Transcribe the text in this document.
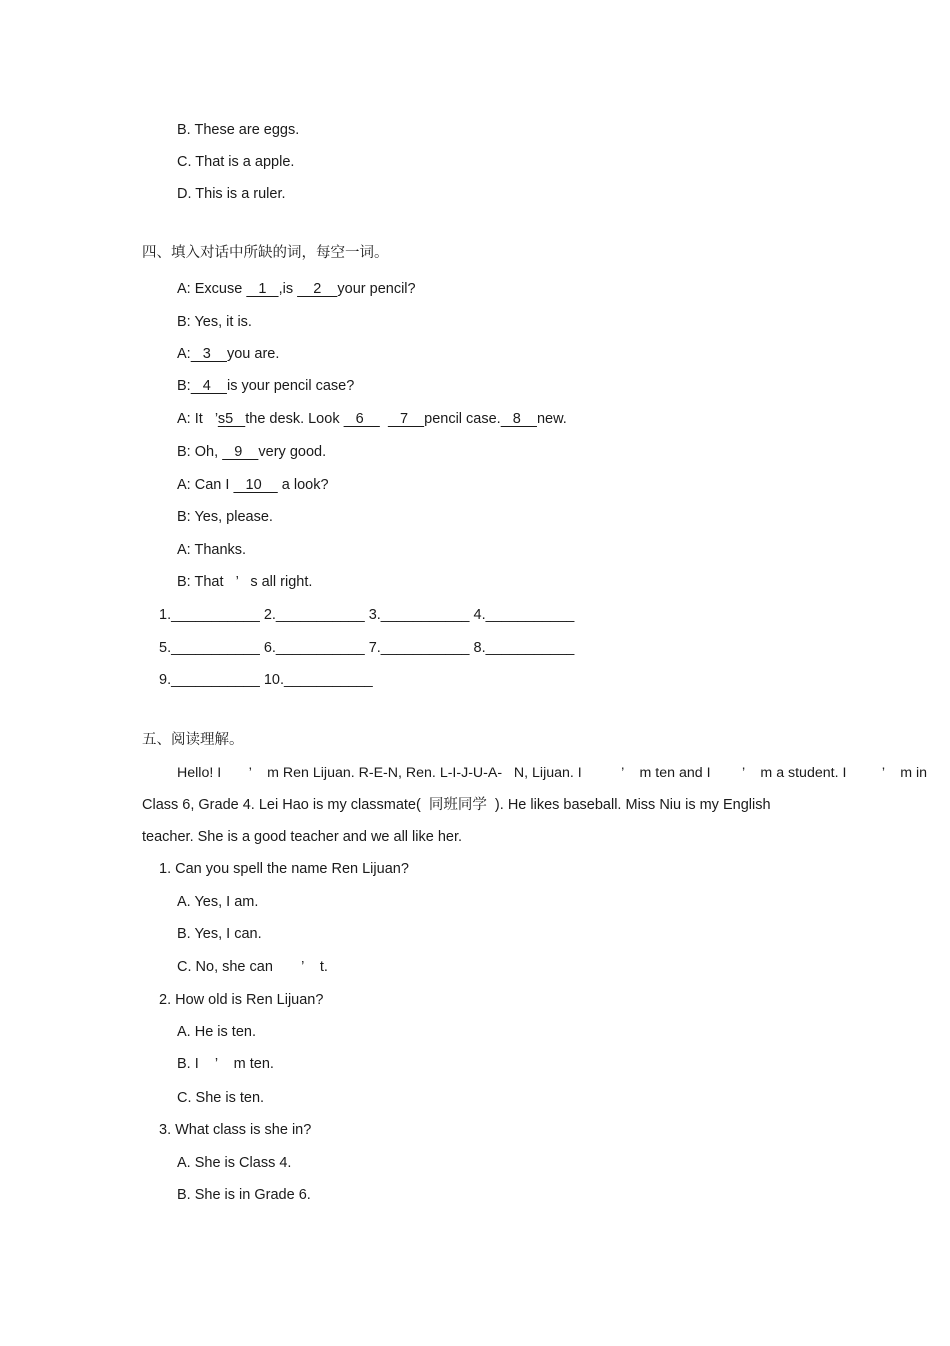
B. These are eggs.
C. That is a apple.
D. This is a ruler.
四、填入对话中所缺的词，每空一词。
A: Excuse    1   ,is     2    your pencil?
B: Yes, it is.
A:   3    you are.
B:   4    is your pencil case?
A: It   ’s5   the desk. Look    6       7    pencil case.   8    new.
B: Oh,    9    very good.
A: Can I    10     a look?
B: Yes, please.
A: Thanks.
B: That   ’   s all right.
1.___________ 2.___________ 3.___________ 4.___________
5.___________ 6.___________ 7.___________ 8.___________
9.___________ 10.___________
五、阅读理解。
Hello! I       ’    m Ren Lijuan. R-E-N, Ren. L-I-J-U-A-   N, Lijuan. I          ’    m ten and I        ’    m a student. I         ’    m in
Class 6, Grade 4. Lei Hao is my classmate(  同班同学  ). He likes baseball. Miss Niu is my English
teacher. She is a good teacher and we all like her.
1. Can you spell the name Ren Lijuan?
A. Yes, I am.
B. Yes, I can.
C. No, she can       ’    t.
2. How old is Ren Lijuan?
A. He is ten.
B. I    ’    m ten.
C. She is ten.
3. What class is she in?
A. She is Class 4.
B. She is in Grade 6.
